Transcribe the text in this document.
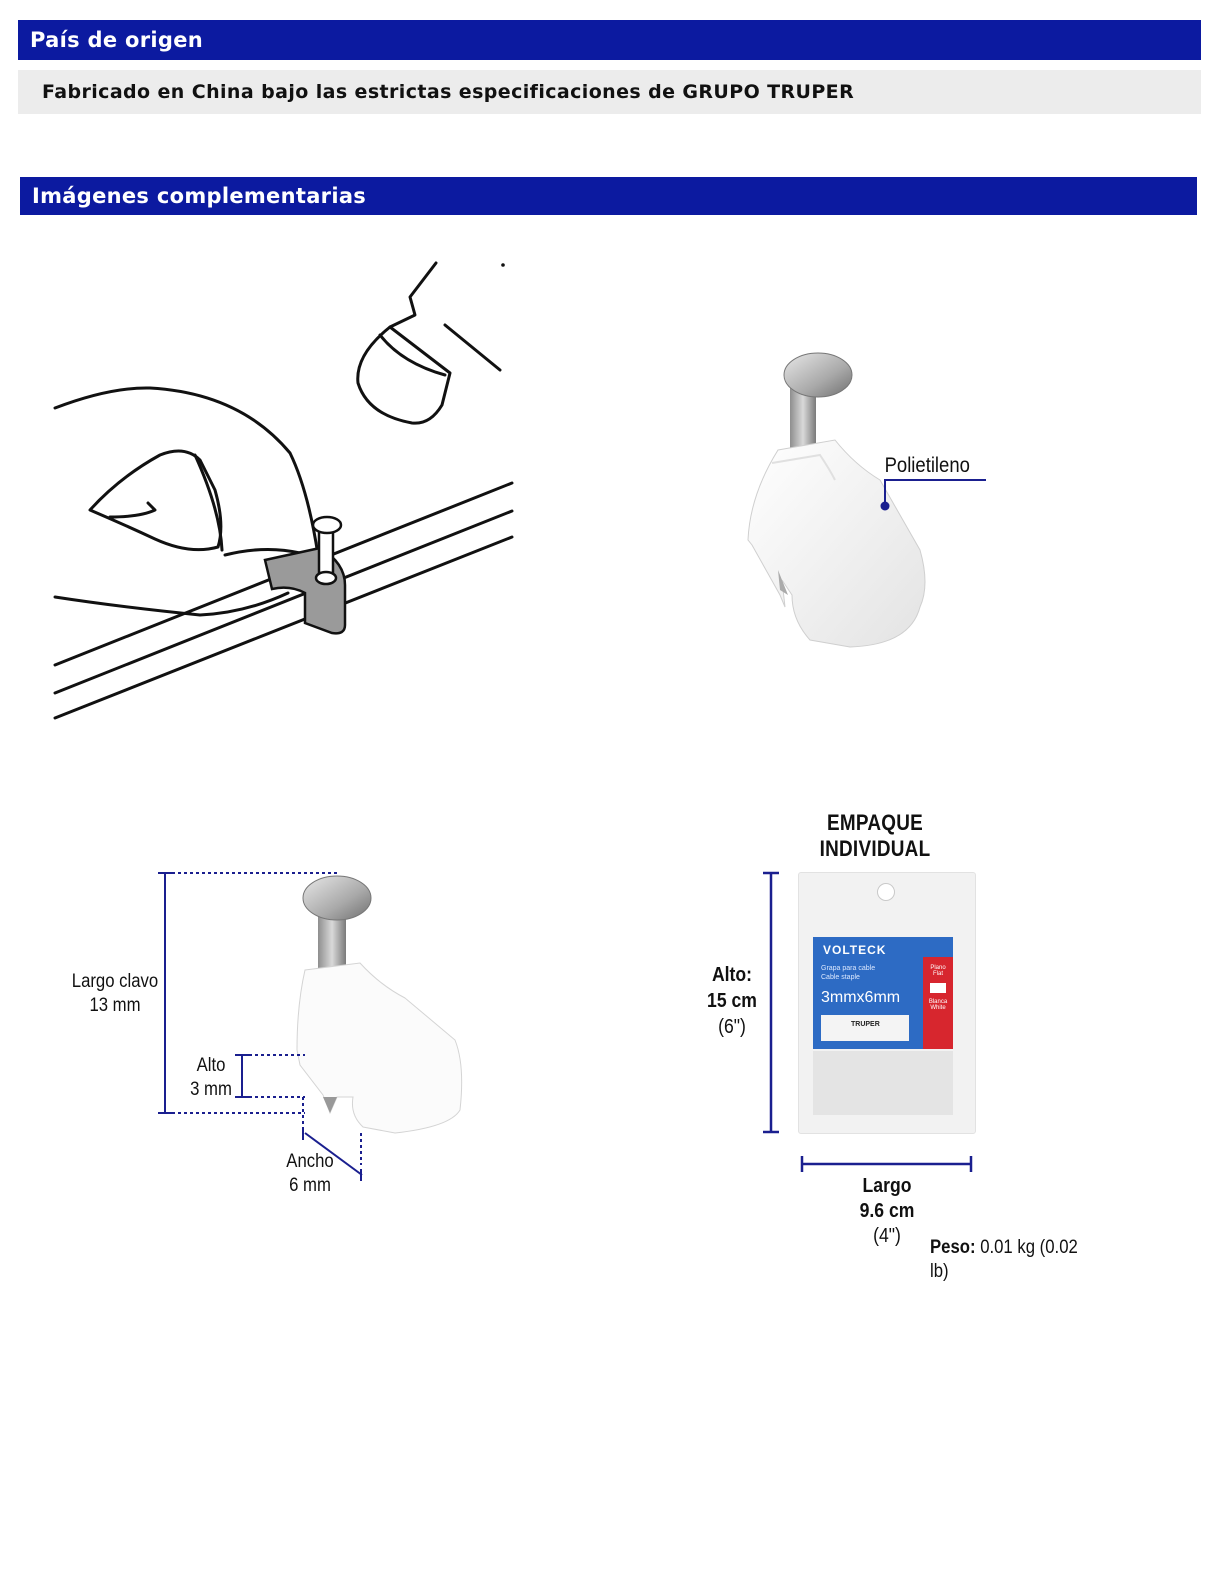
País de origen
Fabricado en China bajo las estrictas especificaciones de GRUPO TRUPER
Imágenes complementarias
Polietileno
Largo clavo
13 mm
Alto
3 mm
Ancho
6 mm
EMPAQUE INDIVIDUAL
VOLTECK
Grapa para cable
Cable staple
3mmx6mm
TRUPER
Plano
Flat
Blanca
White
Alto:
15 cm
(6")
Largo
9.6 cm
(4")
Peso: 0.01 kg (0.02 lb)
